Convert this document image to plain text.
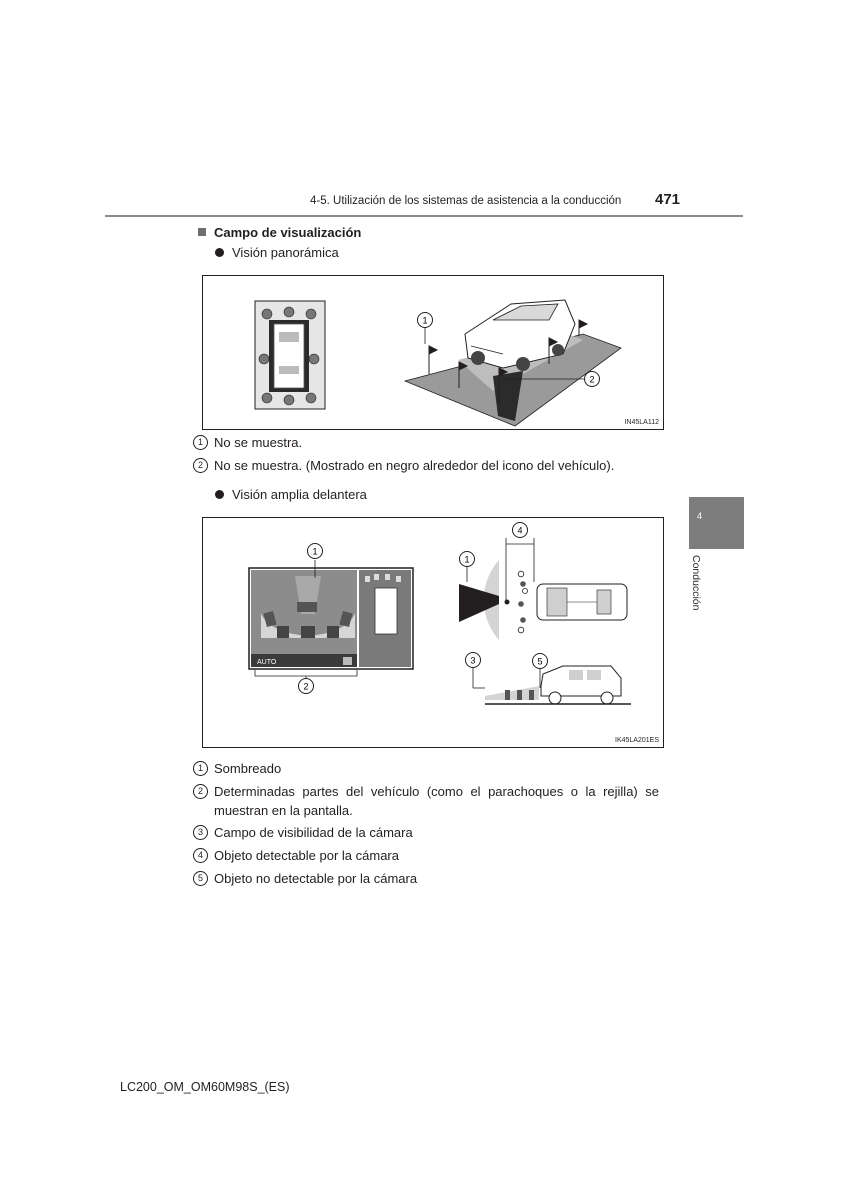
4-5. Utilización de los sistemas de asistencia a la conducción 471
4
Conducción
Campo de visualización
Visión panorámica
1
2
IN45LA112
1 No se muestra.
2 No se muestra. (Mostrado en negro alrededor del icono del vehículo).
Visión amplia delantera
AUTO
1
2
1
4
3	5
IK45LA201ES
1 Sombreado
2 Determinadas partes del vehículo (como el parachoques o la rejilla) se muestran en la pantalla.
3 Campo de visibilidad de la cámara
4 Objeto detectable por la cámara
5 Objeto no detectable por la cámara
LC200_OM_OM60M98S_(ES)
